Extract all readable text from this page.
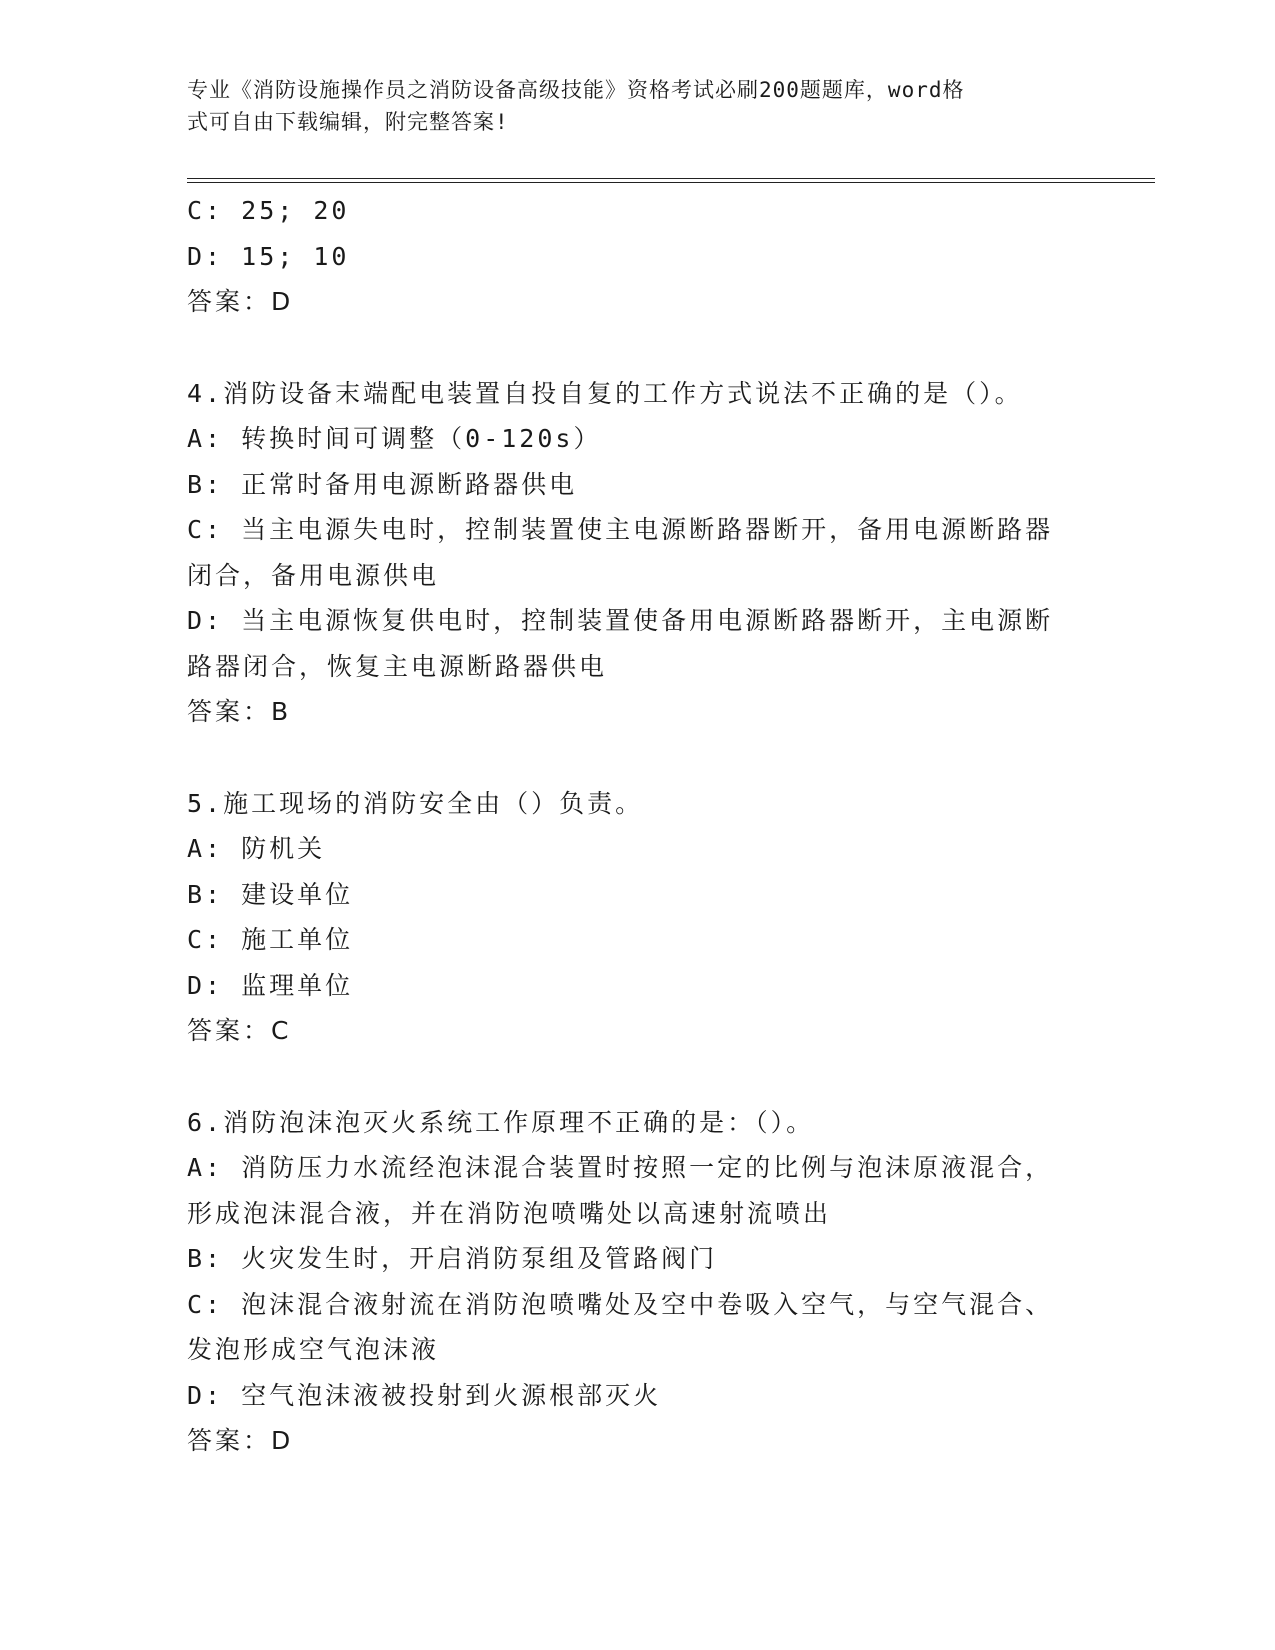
专业《消防设施操作员之消防设备高级技能》资格考试必刷200题题库，word格
式可自由下载编辑，附完整答案!
C: 25; 20
D: 15; 10
答案：D
4.消防设备末端配电装置自投自复的工作方式说法不正确的是（）。
A: 转换时间可调整（0-120s）
B: 正常时备用电源断路器供电
C: 当主电源失电时，控制装置使主电源断路器断开，备用电源断路器
闭合，备用电源供电
D: 当主电源恢复供电时，控制装置使备用电源断路器断开，主电源断
路器闭合，恢复主电源断路器供电
答案：B
5.施工现场的消防安全由（）负责。
A: 防机关
B: 建设单位
C: 施工单位
D: 监理单位
答案：C
6.消防泡沫泡灭火系统工作原理不正确的是：（）。
A: 消防压力水流经泡沫混合装置时按照一定的比例与泡沫原液混合，
形成泡沫混合液，并在消防泡喷嘴处以高速射流喷出
B: 火灾发生时，开启消防泵组及管路阀门
C: 泡沫混合液射流在消防泡喷嘴处及空中卷吸入空气，与空气混合、
发泡形成空气泡沫液
D: 空气泡沫液被投射到火源根部灭火
答案：D
